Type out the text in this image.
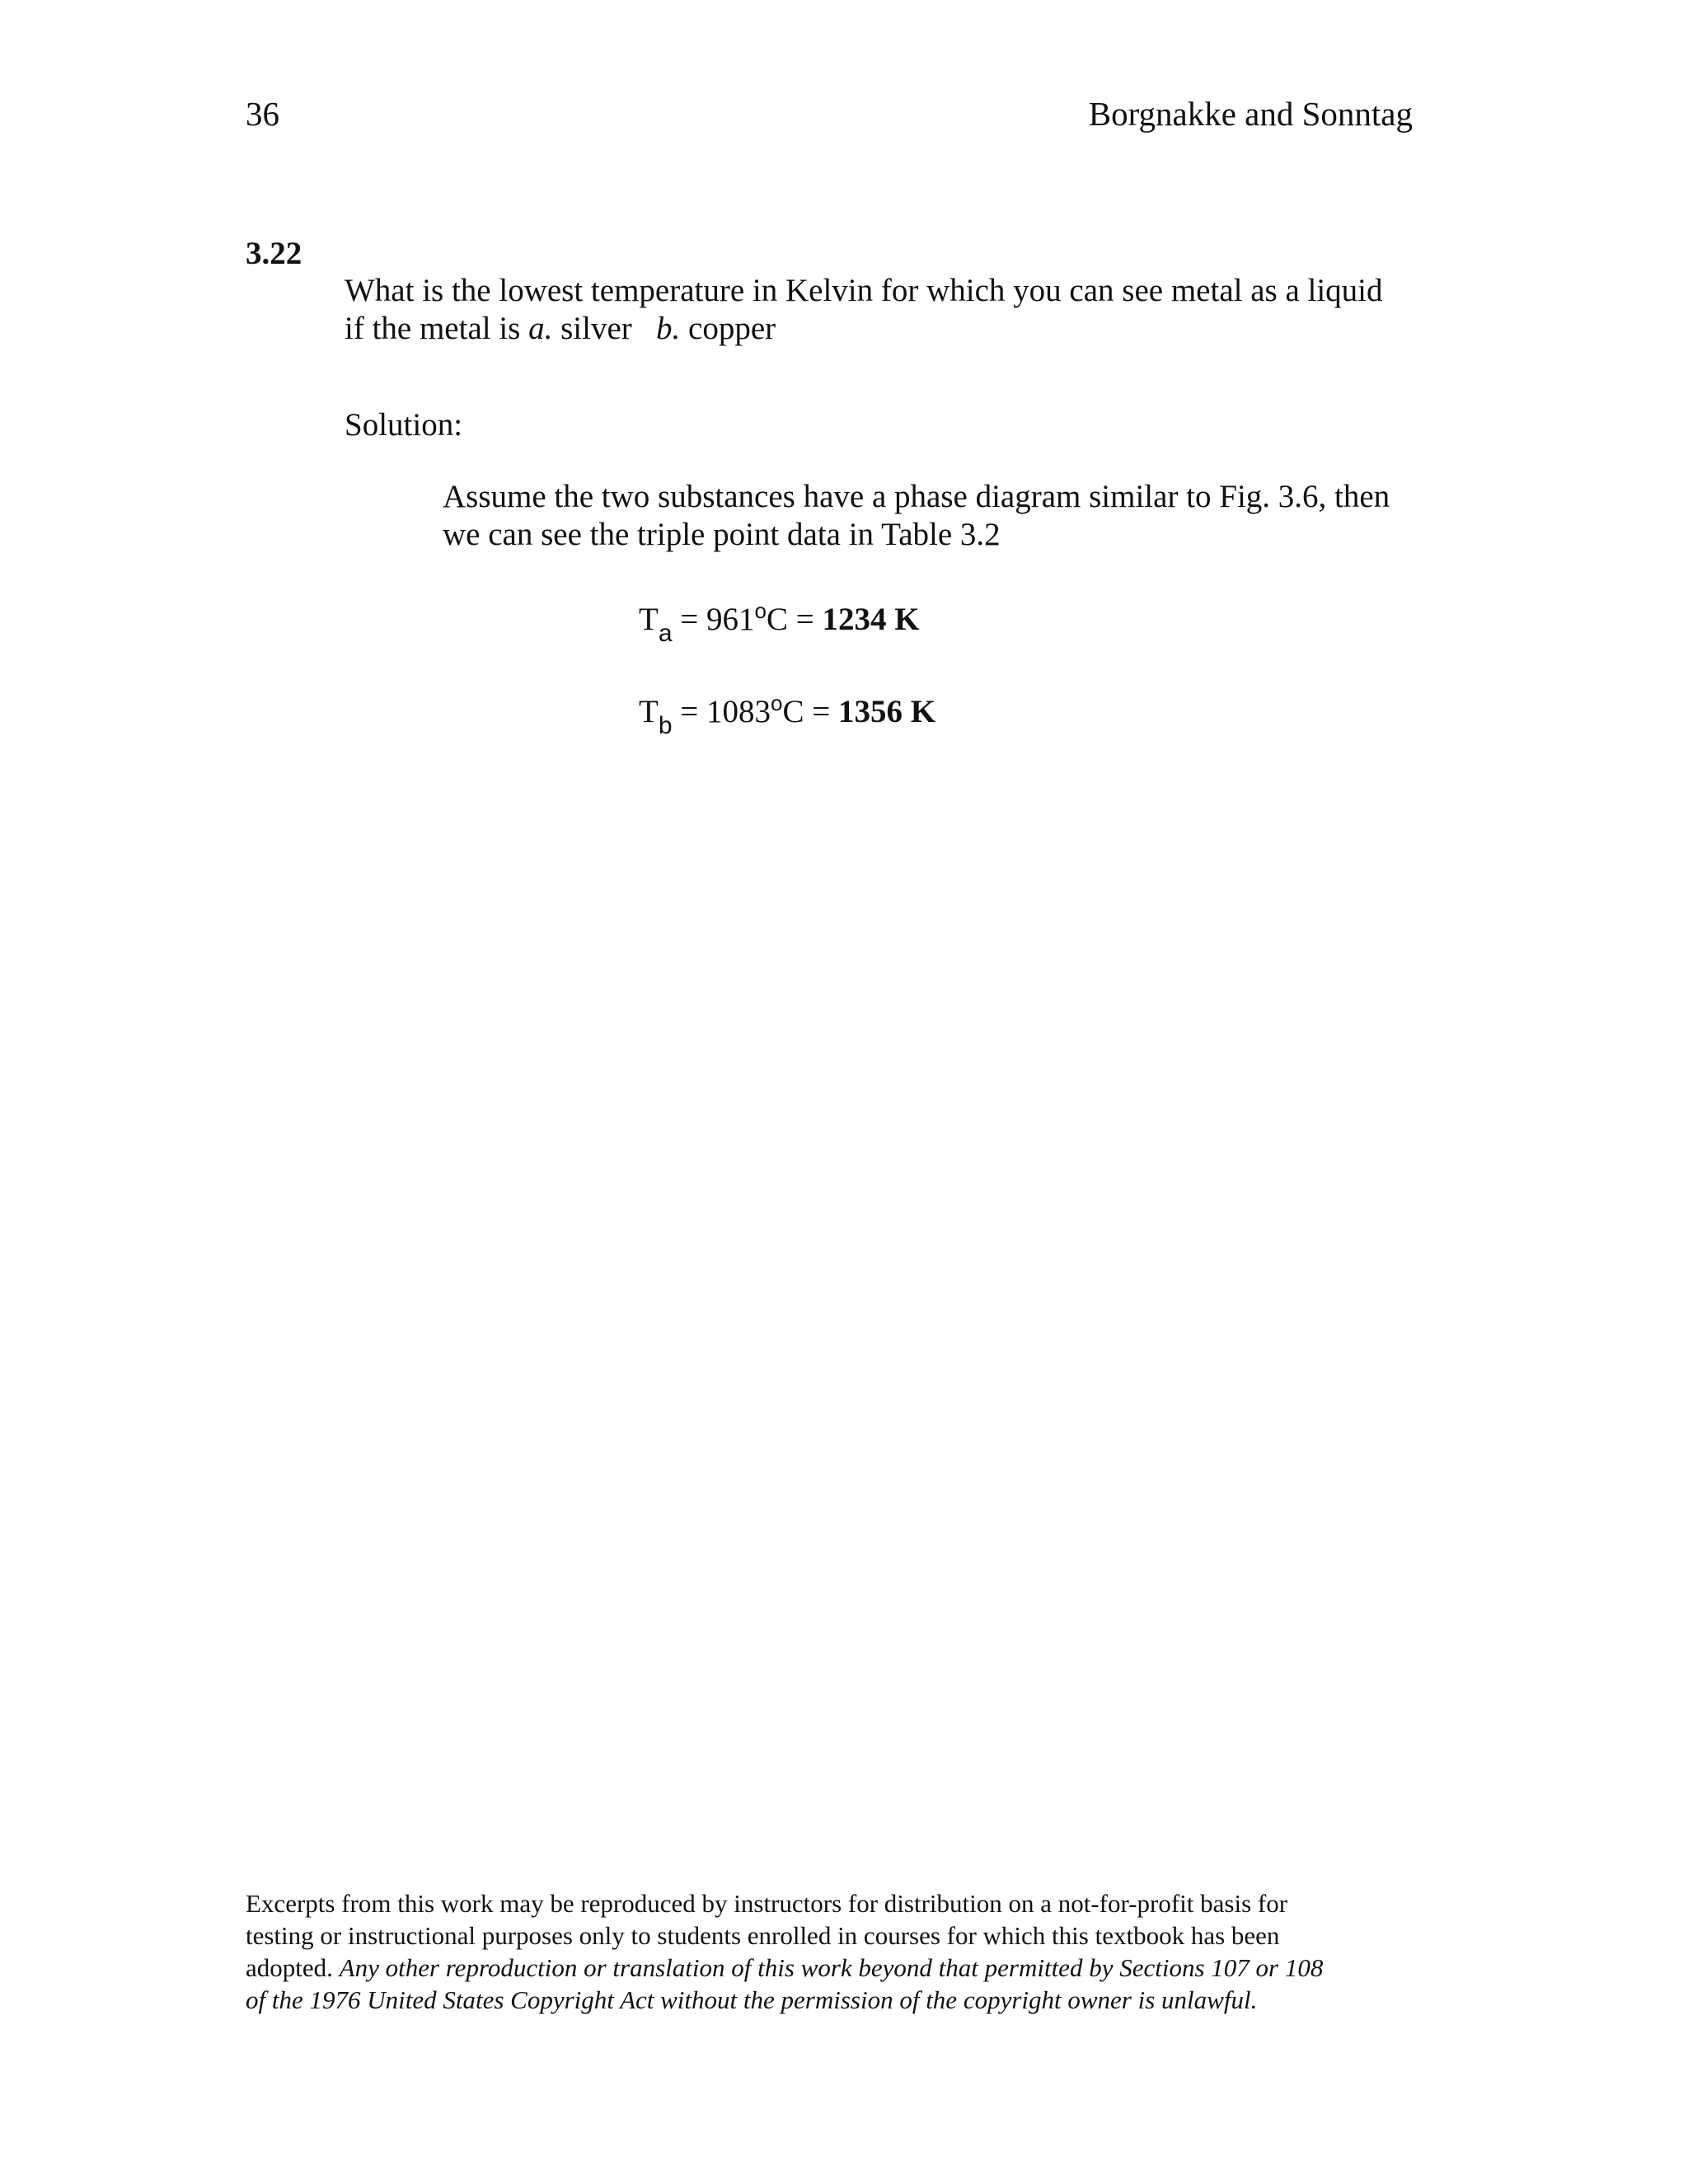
36	Borgnakke and Sonntag
3.22
What is the lowest temperature in Kelvin for which you can see metal as a liquid
if the metal is a. silver   b. copper
Solution:
Assume the two substances have a phase diagram similar to Fig. 3.6, then
we can see the triple point data in Table 3.2
$T_a = 961^oC = 1234$ K
$T_b = 1083^oC = 1356$ K
Excerpts from this work may be reproduced by instructors for distribution on a not-for-profit basis for
testing or instructional purposes only to students enrolled in courses for which this textbook has been
adopted. Any other reproduction or translation of this work beyond that permitted by Sections 107 or 108
of the 1976 United States Copyright Act without the permission of the copyright owner is unlawful.
